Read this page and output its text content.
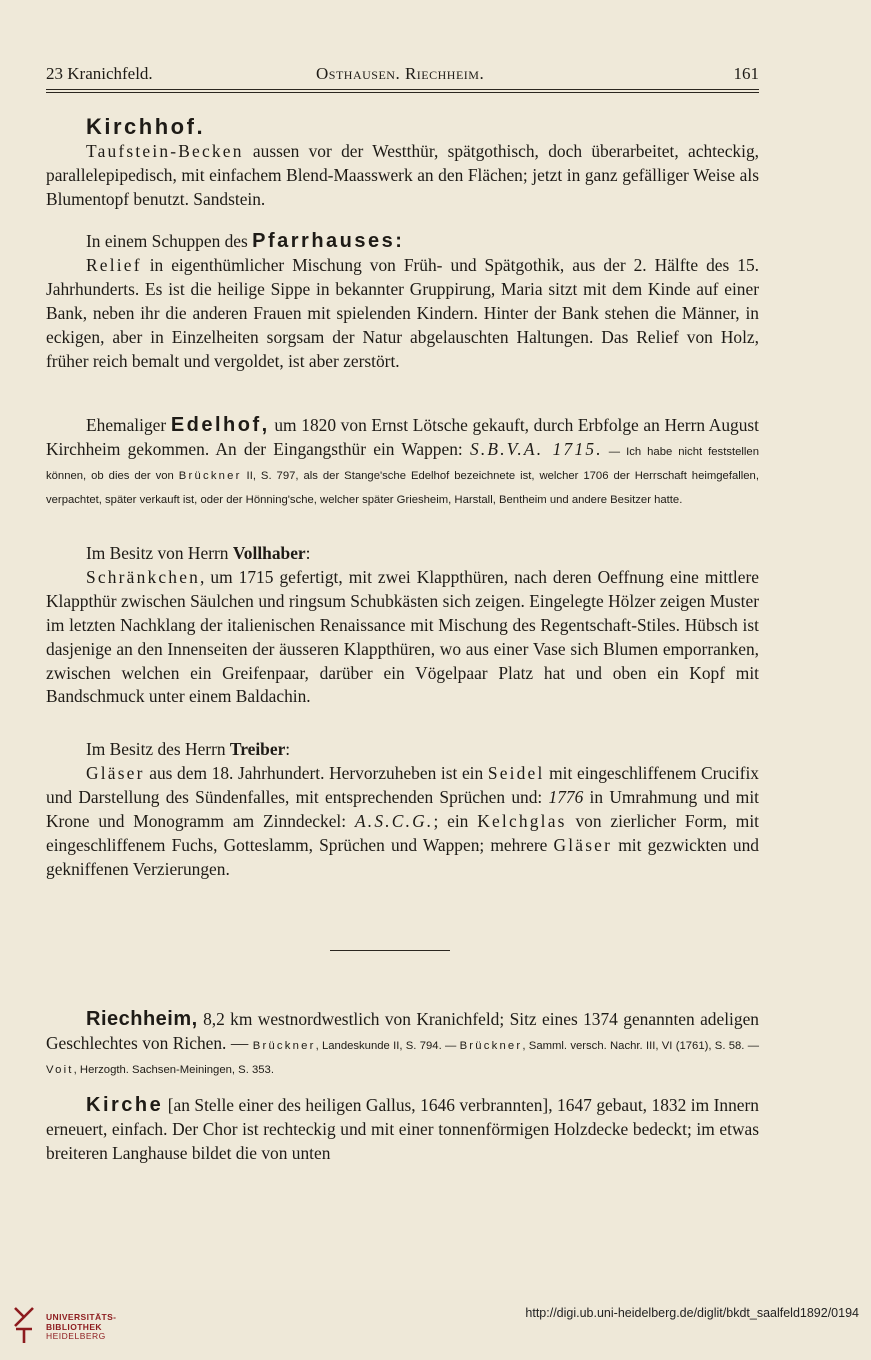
23 Kranichfeld.	Osthausen. Riechheim.	161
Kirchhof.
Taufstein-Becken aussen vor der Westthür, spätgothisch, doch überarbeitet, achteckig, parallelepipedisch, mit einfachem Blend-Maasswerk an den Flächen; jetzt in ganz gefälliger Weise als Blumentopf benutzt. Sandstein.
In einem Schuppen des Pfarrhauses:
Relief in eigenthümlicher Mischung von Früh- und Spätgothik, aus der 2. Hälfte des 15. Jahrhunderts. Es ist die heilige Sippe in bekannter Gruppirung, Maria sitzt mit dem Kinde auf einer Bank, neben ihr die anderen Frauen mit spielenden Kindern. Hinter der Bank stehen die Männer, in eckigen, aber in Einzelheiten sorgsam der Natur abgelauschten Haltungen. Das Relief von Holz, früher reich bemalt und vergoldet, ist aber zerstört.
Ehemaliger Edelhof, um 1820 von Ernst Lötsche gekauft, durch Erbfolge an Herrn August Kirchheim gekommen. An der Eingangsthür ein Wappen: S.B.V.A. 1715. — Ich habe nicht feststellen können, ob dies der von Brückner II, S. 797, als der Stange'sche Edelhof bezeichnete ist, welcher 1706 der Herrschaft heimgefallen, verpachtet, später verkauft ist, oder der Hönning'sche, welcher später Griesheim, Harstall, Bentheim und andere Besitzer hatte.
Im Besitz von Herrn Vollhaber:
Schränkchen, um 1715 gefertigt, mit zwei Klappthüren, nach deren Oeffnung eine mittlere Klappthür zwischen Säulchen und ringsum Schubkästen sich zeigen. Eingelegte Hölzer zeigen Muster im letzten Nachklang der italienischen Renaissance mit Mischung des Regentschaft-Stiles. Hübsch ist dasjenige an den Innenseiten der äusseren Klappthüren, wo aus einer Vase sich Blumen emporranken, zwischen welchen ein Greifenpaar, darüber ein Vögelpaar Platz hat und oben ein Kopf mit Bandschmuck unter einem Baldachin.
Im Besitz des Herrn Treiber:
Gläser aus dem 18. Jahrhundert. Hervorzuheben ist ein Seidel mit eingeschliffenem Crucifix und Darstellung des Sündenfalles, mit entsprechenden Sprüchen und: 1776 in Umrahmung und mit Krone und Monogramm am Zinndeckel: A.S.C.G.; ein Kelchglas von zierlicher Form, mit eingeschliffenem Fuchs, Gotteslamm, Sprüchen und Wappen; mehrere Gläser mit gezwickten und gekniffenen Verzierungen.
Riechheim, 8,2 km westnordwestlich von Kranichfeld; Sitz eines 1374 genannten adeligen Geschlechtes von Richen. — Brückner, Landeskunde II, S. 794. — Brückner, Samml. versch. Nachr. III, VI (1761), S. 58. — Voit, Herzogth. Sachsen-Meiningen, S. 353.
Kirche [an Stelle einer des heiligen Gallus, 1646 verbrannten], 1647 gebaut, 1832 im Innern erneuert, einfach. Der Chor ist rechteckig und mit einer tonnenförmigen Holzdecke bedeckt; im etwas breiteren Langhause bildet die von unten
UNIVERSITÄTS-
BIBLIOTHEK
HEIDELBERG
http://digi.ub.uni-heidelberg.de/diglit/bkdt_saalfeld1892/0194
